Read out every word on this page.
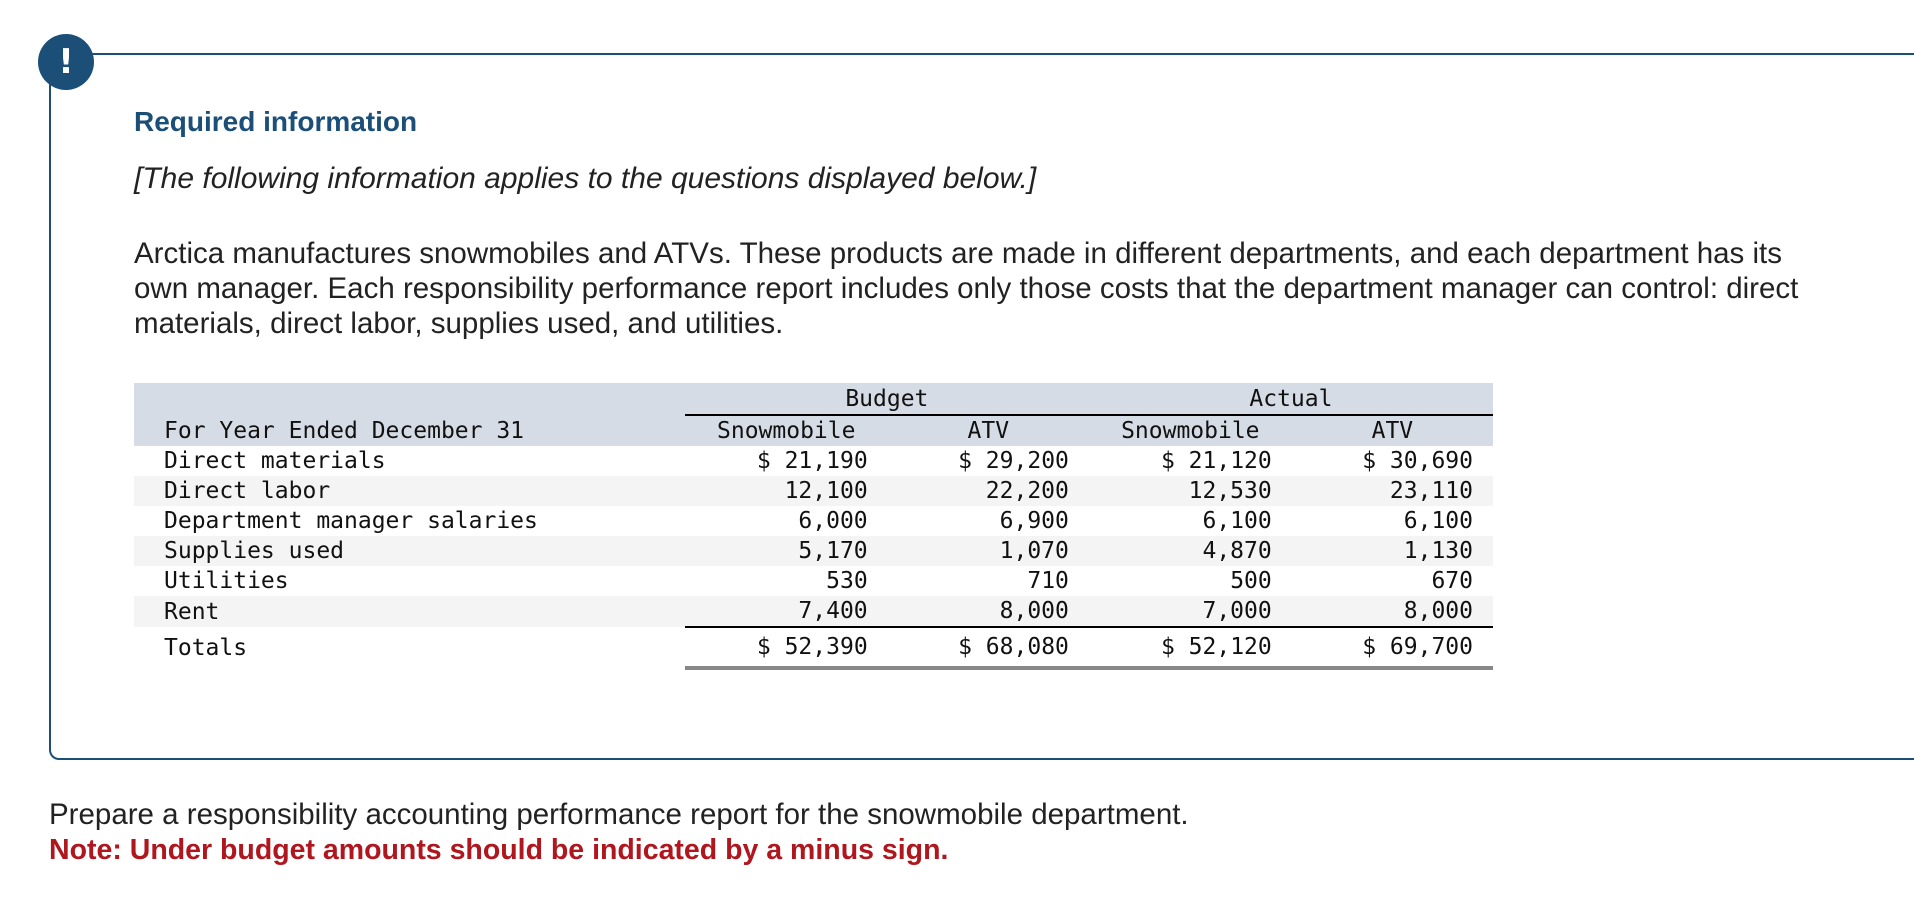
!
Required information
[The following information applies to the questions displayed below.]
Arctica manufactures snowmobiles and ATVs. These products are made in different departments, and each department has its own manager. Each responsibility performance report includes only those costs that the department manager can control: direct materials, direct labor, supplies used, and utilities.
	Budget		Actual	
For Year Ended December 31	Snowmobile	ATV	Snowmobile	ATV
Direct materials	$ 21,190	$ 29,200	$ 21,120	$ 30,690
Direct labor	12,100	22,200	12,530	23,110
Department manager salaries	6,000	6,900	6,100	6,100
Supplies used	5,170	1,070	4,870	1,130
Utilities	530	710	500	670
Rent	7,400	8,000	7,000	8,000
Totals	$ 52,390	$ 68,080	$ 52,120	$ 69,700
Prepare a responsibility accounting performance report for the snowmobile department.
Note: Under budget amounts should be indicated by a minus sign.
